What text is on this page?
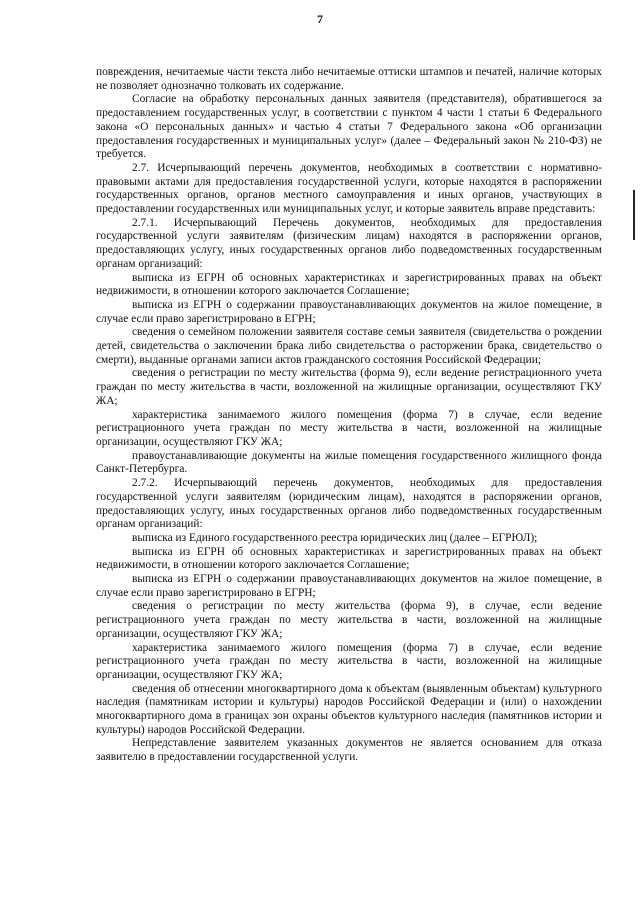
7

повреждения, нечитаемые части текста либо нечитаемые оттиски штампов и печатей, наличие которых не позволяет однозначно толковать их содержание.

Согласие на обработку персональных данных заявителя (представителя), обратившегося за предоставлением государственных услуг, в соответствии с пунктом 4 части 1 статьи 6 Федерального закона «О персональных данных» и частью 4 статьи 7 Федерального закона «Об организации предоставления государственных и муниципальных услуг» (далее – Федеральный закон № 210-ФЗ) не требуется.

2.7. Исчерпывающий перечень документов, необходимых в соответствии с нормативно-правовыми актами для предоставления государственной услуги, которые находятся в распоряжении государственных органов, органов местного самоуправления и иных органов, участвующих в предоставлении государственных или муниципальных услуг, и которые заявитель вправе представить:

2.7.1. Исчерпывающий Перечень документов, необходимых для предоставления государственной услуги заявителям (физическим лицам) находятся в распоряжении органов, предоставляющих услугу, иных государственных органов либо подведомственных государственным органам организаций:

выписка из ЕГРН об основных характеристиках и зарегистрированных правах на объект недвижимости, в отношении которого заключается Соглашение;

выписка из ЕГРН о содержании правоустанавливающих документов на жилое помещение, в случае если право зарегистрировано в ЕГРН;

сведения о семейном положении заявителя составе семьи заявителя (свидетельства о рождении детей, свидетельства о заключении брака либо свидетельства о расторжении брака, свидетельство о смерти), выданные органами записи актов гражданского состояния Российской Федерации;

сведения о регистрации по месту жительства (форма 9), если ведение регистрационного учета граждан по месту жительства в части, возложенной на жилищные организации, осуществляют ГКУ ЖА;

характеристика занимаемого жилого помещения (форма 7) в случае, если ведение регистрационного учета граждан по месту жительства в части, возложенной на жилищные организации, осуществляют ГКУ ЖА;

правоустанавливающие документы на жилые помещения государственного жилищного фонда Санкт-Петербурга.

2.7.2. Исчерпывающий перечень документов, необходимых для предоставления государственной услуги заявителям (юридическим лицам), находятся в распоряжении органов, предоставляющих услугу, иных государственных органов либо подведомственных государственным органам организаций:

выписка из Единого государственного реестра юридических лиц (далее – ЕГРЮЛ);

выписка из ЕГРН об основных характеристиках и зарегистрированных правах на объект недвижимости, в отношении которого заключается Соглашение;

выписка из ЕГРН о содержании правоустанавливающих документов на жилое помещение, в случае если право зарегистрировано в ЕГРН;

сведения о регистрации по месту жительства (форма 9), в случае, если ведение регистрационного учета граждан по месту жительства в части, возложенной на жилищные организации, осуществляют ГКУ ЖА;

характеристика занимаемого жилого помещения (форма 7) в случае, если ведение регистрационного учета граждан по месту жительства в части, возложенной на жилищные организации, осуществляют ГКУ ЖА;

сведения об отнесении многоквартирного дома к объектам (выявленным объектам) культурного наследия (памятникам истории и культуры) народов Российской Федерации и (или) о нахождении многоквартирного дома в границах зон охраны объектов культурного наследия (памятников истории и культуры) народов Российской Федерации.

Непредставление заявителем указанных документов не является основанием для отказа заявителю в предоставлении государственной услуги.
